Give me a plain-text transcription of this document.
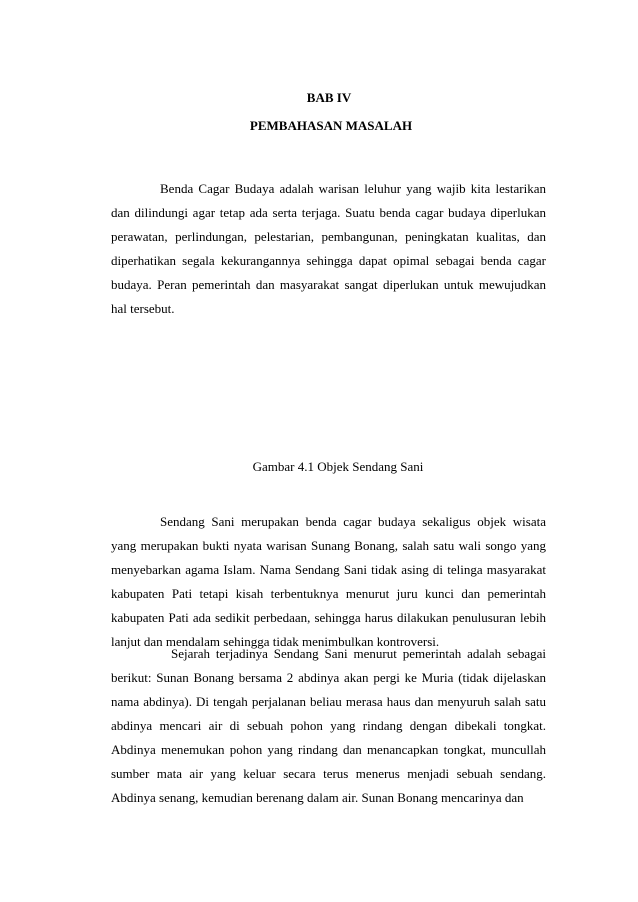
BAB IV
PEMBAHASAN MASALAH

Benda Cagar Budaya adalah warisan leluhur yang wajib kita lestarikan dan dilindungi agar tetap ada serta terjaga. Suatu benda cagar budaya diperlukan perawatan, perlindungan, pelestarian, pembangunan, peningkatan kualitas, dan diperhatikan segala kekurangannya sehingga dapat opimal sebagai benda cagar budaya. Peran pemerintah dan masyarakat sangat diperlukan untuk mewujudkan hal tersebut.

Gambar 4.1 Objek Sendang Sani

Sendang Sani merupakan benda cagar budaya sekaligus objek wisata yang merupakan bukti nyata warisan Sunang Bonang, salah satu wali songo yang menyebarkan agama Islam. Nama Sendang Sani tidak asing di telinga masyarakat kabupaten Pati tetapi kisah terbentuknya menurut juru kunci dan pemerintah kabupaten Pati ada sedikit perbedaan, sehingga harus dilakukan penulusuran lebih lanjut dan mendalam sehingga tidak menimbulkan kontroversi.

Sejarah terjadinya Sendang Sani menurut pemerintah adalah sebagai berikut: Sunan Bonang bersama 2 abdinya akan pergi ke Muria (tidak dijelaskan nama abdinya). Di tengah perjalanan beliau merasa haus dan menyuruh salah satu abdinya mencari air di sebuah pohon yang rindang dengan dibekali tongkat. Abdinya menemukan pohon yang rindang dan menancapkan tongkat, muncullah sumber mata air yang keluar secara terus menerus menjadi sebuah sendang. Abdinya senang, kemudian berenang dalam air. Sunan Bonang mencarinya dan
